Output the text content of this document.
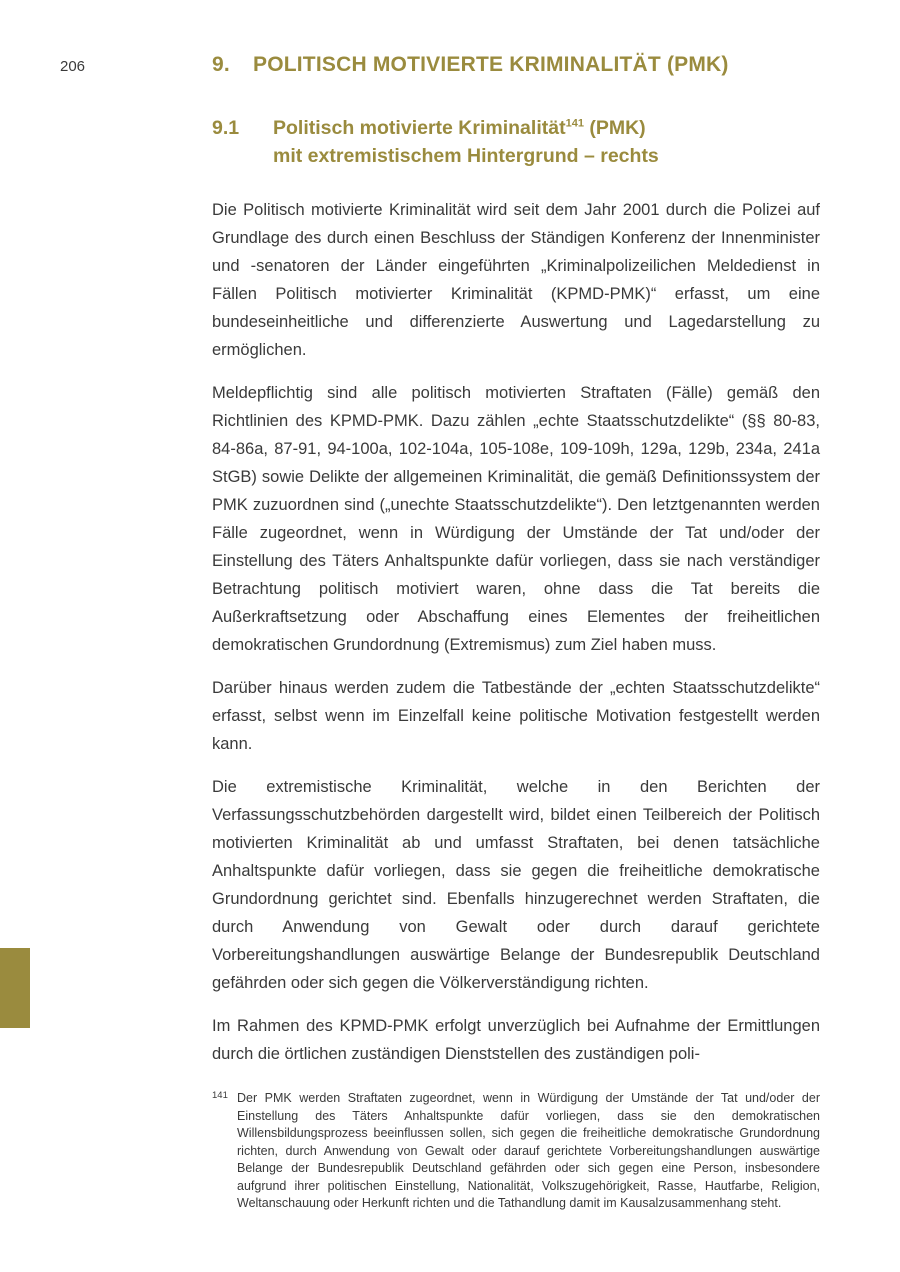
206	9.	POLITISCH MOTIVIERTE KRIMINALITÄT (PMK)
9.1	Politisch motivierte Kriminalität$^{141}$ (PMK)
mit extremistischem Hintergrund – rechts

Die Politisch motivierte Kriminalität wird seit dem Jahr 2001 durch die Polizei auf Grundlage des durch einen Beschluss der Ständigen Konferenz der Innenminister und -senatoren der Länder eingeführten „Kriminalpolizeilichen Meldedienst in Fällen Politisch motivierter Kriminalität (KPMD-PMK)“ erfasst, um eine bundeseinheitliche und differenzierte Auswertung und Lagedarstellung zu ermöglichen.

Meldepflichtig sind alle politisch motivierten Straftaten (Fälle) gemäß den Richtlinien des KPMD-PMK. Dazu zählen „echte Staatsschutzdelikte“ (§§ 80-83, 84-86a, 87-91, 94-100a, 102-104a, 105-108e, 109-109h, 129a, 129b, 234a, 241a StGB) sowie Delikte der allgemeinen Kriminalität, die gemäß Definitionssystem der PMK zuzuordnen sind („unechte Staatsschutzdelikte“). Den letztgenannten werden Fälle zugeordnet, wenn in Würdigung der Umstände der Tat und/oder der Einstellung des Täters Anhaltspunkte dafür vorliegen, dass sie nach verständiger Betrachtung politisch motiviert waren, ohne dass die Tat bereits die Außerkraftsetzung oder Abschaffung eines Elementes der freiheitlichen demokratischen Grundordnung (Extremismus) zum Ziel haben muss.

Darüber hinaus werden zudem die Tatbestände der „echten Staatsschutzdelikte“ erfasst, selbst wenn im Einzelfall keine politische Motivation festgestellt werden kann.

Die extremistische Kriminalität, welche in den Berichten der Verfassungsschutzbehörden dargestellt wird, bildet einen Teilbereich der Politisch motivierten Kriminalität ab und umfasst Straftaten, bei denen tatsächliche Anhaltspunkte dafür vorliegen, dass sie gegen die freiheitliche demokratische Grundordnung gerichtet sind. Ebenfalls hinzugerechnet werden Straftaten, die durch Anwendung von Gewalt oder durch darauf gerichtete Vorbereitungshandlungen auswärtige Belange der Bundesrepublik Deutschland gefährden oder sich gegen die Völkerverständigung richten.

Im Rahmen des KPMD-PMK erfolgt unverzüglich bei Aufnahme der Ermittlungen durch die örtlichen zuständigen Dienststellen des zuständigen poli-

141 Der PMK werden Straftaten zugeordnet, wenn in Würdigung der Umstände der Tat und/oder der Einstellung des Täters Anhaltspunkte dafür vorliegen, dass sie den demokratischen Willensbildungsprozess beeinflussen sollen, sich gegen die freiheitliche demokratische Grundordnung richten, durch Anwendung von Gewalt oder darauf gerichtete Vorbereitungshandlungen auswärtige Belange der Bundesrepublik Deutschland gefährden oder sich gegen eine Person, insbesondere aufgrund ihrer politischen Einstellung, Nationalität, Volkszugehörigkeit, Rasse, Hautfarbe, Religion, Weltanschauung oder Herkunft richten und die Tathandlung damit im Kausalzusammenhang steht.
